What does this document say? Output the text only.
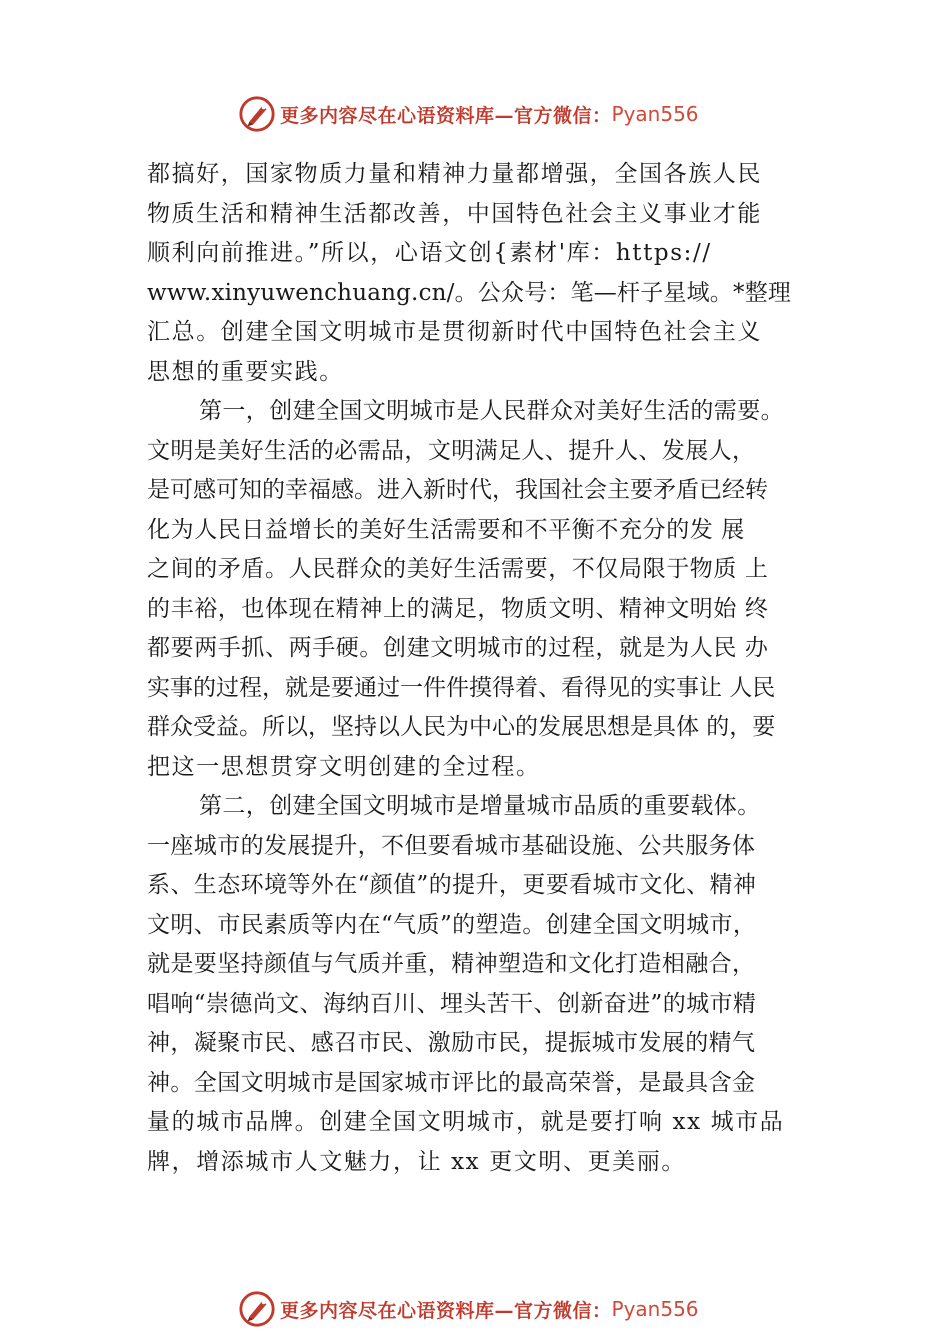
更多内容尽在心语资料库—官方微信： Pyan556
都搞好，国家物质力量和精神力量都增强，全国各族人民
物质生活和精神生活都改善，中国特色社会主义事业才能
顺利向前推进。”所以，心语文创{素材'库：https://
www.xinyuwenchuang.cn/。公众号：笔—杆子星域。*整理
汇总。创建全国文明城市是贯彻新时代中国特色社会主义
思想的重要实践。
第一，创建全国文明城市是人民群众对美好生活的需要。
文明是美好生活的必需品，文明满足人、提升人、发展人，
是可感可知的幸福感。进入新时代，我国社会主要矛盾已经转
化为人民日益增长的美好生活需要和不平衡不充分的发 展
之间的矛盾。人民群众的美好生活需要，不仅局限于物质 上
的丰裕，也体现在精神上的满足，物质文明、精神文明始 终
都要两手抓、两手硬。创建文明城市的过程，就是为人民 办
实事的过程，就是要通过一件件摸得着、看得见的实事让 人民
群众受益。所以，坚持以人民为中心的发展思想是具体 的，要
把这一思想贯穿文明创建的全过程。
第二，创建全国文明城市是增量城市品质的重要载体。
一座城市的发展提升，不但要看城市基础设施、公共服务体
系、生态环境等外在“颜值”的提升，更要看城市文化、精神
文明、市民素质等内在“气质”的塑造。创建全国文明城市，
就是要坚持颜值与气质并重，精神塑造和文化打造相融合，
唱响“崇德尚文、海纳百川、埋头苦干、创新奋进”的城市精
神，凝聚市民、感召市民、激励市民，提振城市发展的精气
神。全国文明城市是国家城市评比的最高荣誉，是最具含金
量的城市品牌。创建全国文明城市，就是要打响 xx 城市品
牌，增添城市人文魅力，让 xx 更文明、更美丽。
更多内容尽在心语资料库—官方微信： Pyan556
